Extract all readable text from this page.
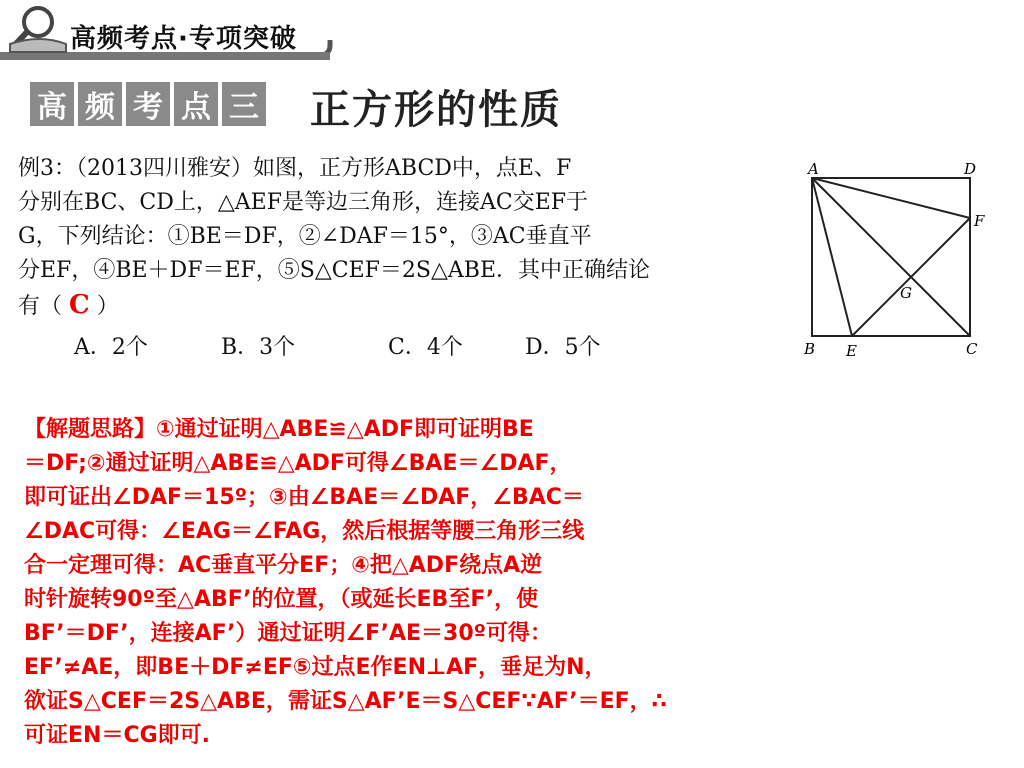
高频考点·专项突破
高 频 考 点 三 正方形的性质
例3：（2013四川雅安）如图，正方形ABCD中，点E、F
分别在BC、CD上，△AEF是等边三角形，连接AC交EF于
G，下列结论：①BE＝DF，②∠DAF＝15°，③AC垂直平
分EF，④BE＋DF＝EF，⑤S△CEF＝2S△ABE．其中正确结论
有（ C ）
A．2个	B．3个	C．4个	D．5个
A	D
F
G
B E	C
【解题思路】①通过证明△ABE≌△ADF即可证明BE
＝DF;②通过证明△ABE≌△ADF可得∠BAE＝∠DAF，
即可证出∠DAF＝15º；③由∠BAE＝∠DAF，∠BAC＝
∠DAC可得：∠EAG＝∠FAG，然后根据等腰三角形三线
合一定理可得：AC垂直平分EF；④把△ADF绕点A逆
时针旋转90º至△ABF’的位置，（或延长EB至F’，使
BF’＝DF’，连接AF’）通过证明∠F’AE＝30º可得：
EF’≠AE，即BE＋DF≠EF⑤过点E作EN⊥AF，垂足为N，
欲证S△CEF＝2S△ABE，需证S△AF’E＝S△CEF∵AF’＝EF，∴
可证EN＝CG即可.
